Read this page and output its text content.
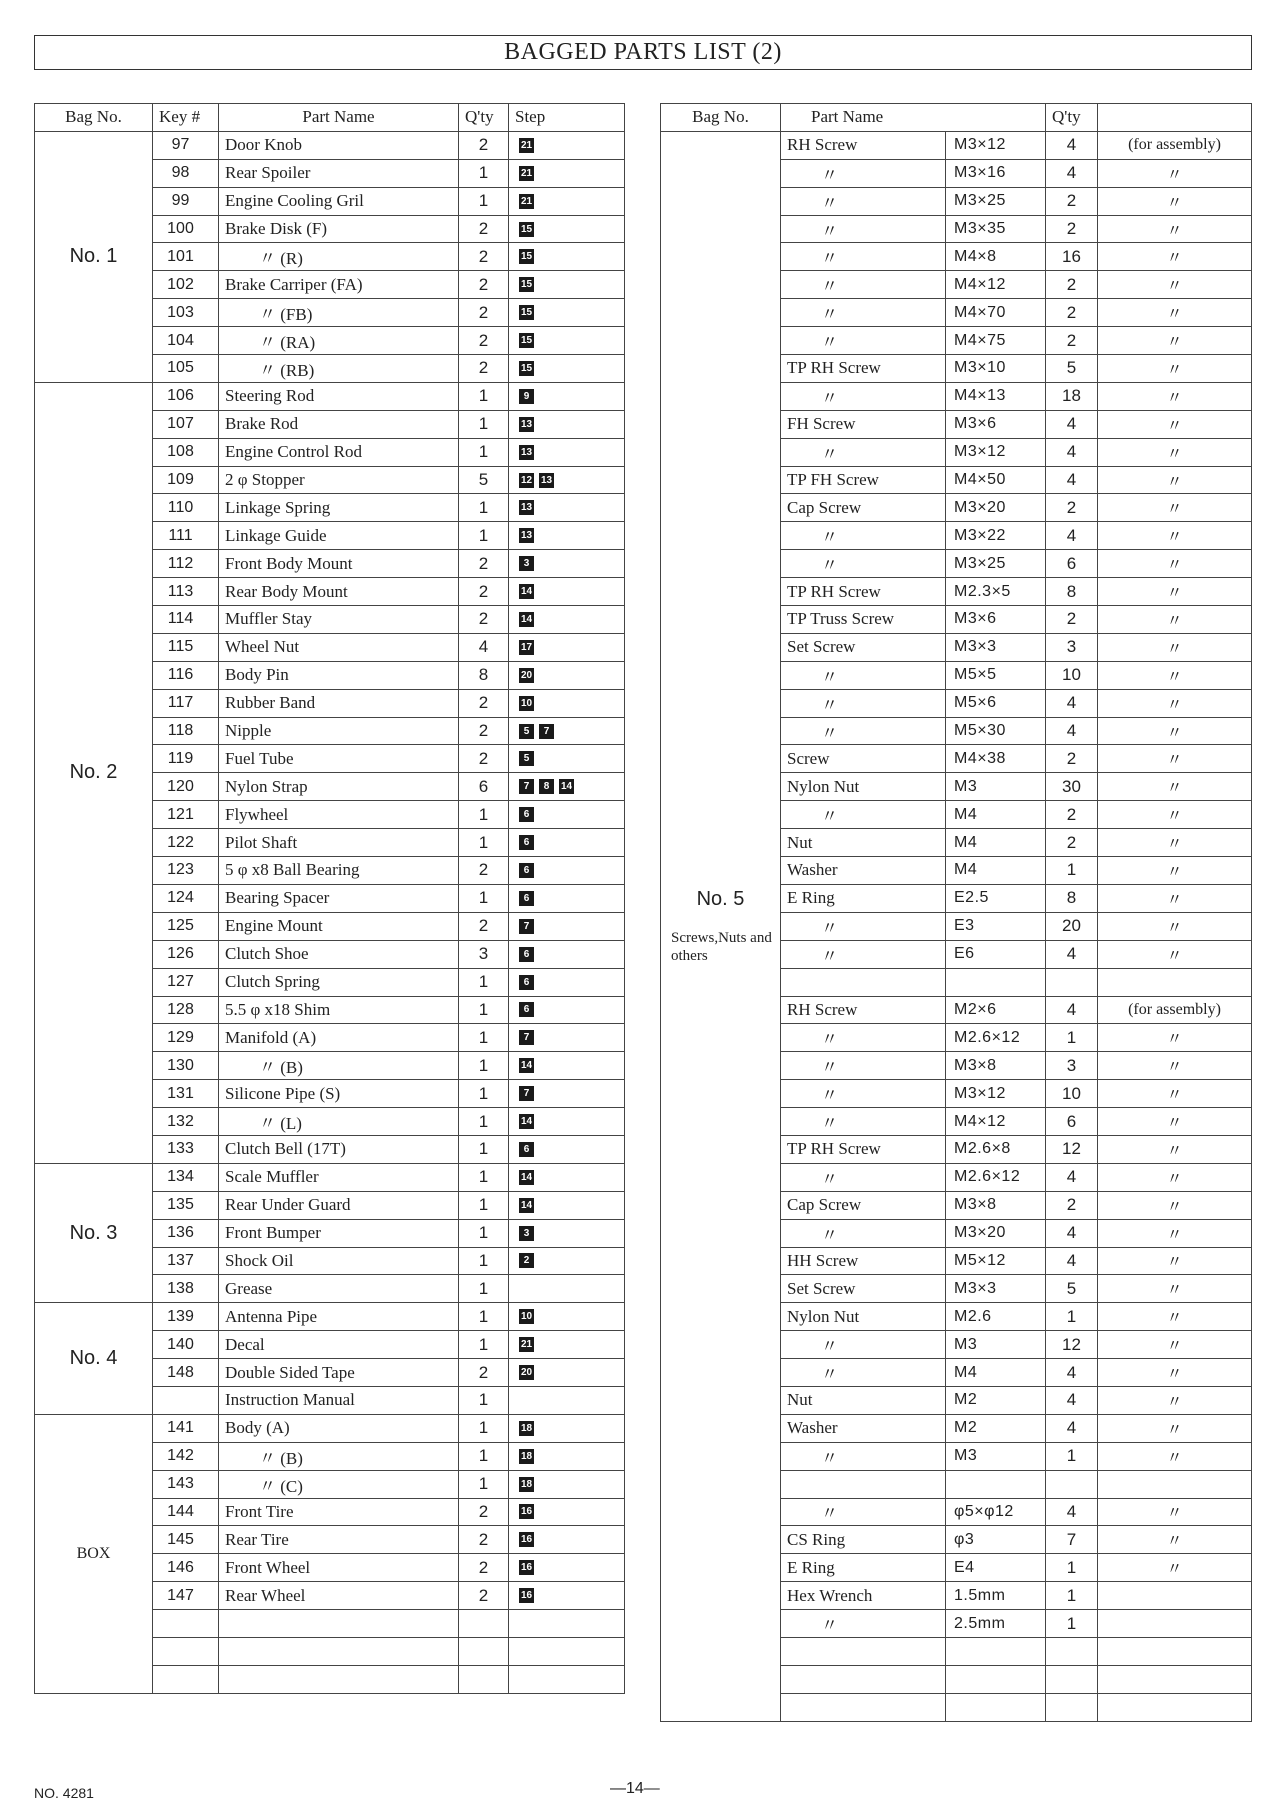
BAGGED PARTS LIST (2)
Bag No.	Key #	Part Name	Q'ty	Step
No. 1	97	Door Knob	2	21

	98	Rear Spoiler	1	21

	99	Engine Cooling Gril	1	21

	100	Brake Disk (F)	2	15

	101	〃 (R)	2	15

	102	Brake Carriper (FA)	2	15

	103	〃 (FB)	2	15

	104	〃 (RA)	2	15

	105	〃 (RB)	2	15

No. 2	106	Steering Rod	1	9

	107	Brake Rod	1	13

	108	Engine Control Rod	1	13

	109	2 φ Stopper	5	12 13

	110	Linkage Spring	1	13

	111	Linkage Guide	1	13

	112	Front Body Mount	2	3

	113	Rear Body Mount	2	14

	114	Muffler Stay	2	14

	115	Wheel Nut	4	17

	116	Body Pin	8	20

	117	Rubber Band	2	10

	118	Nipple	2	5 7

	119	Fuel Tube	2	5

	120	Nylon Strap	6	7 8 14

	121	Flywheel	1	6

	122	Pilot Shaft	1	6

	123	5 φ x8 Ball Bearing	2	6

	124	Bearing Spacer	1	6

	125	Engine Mount	2	7

	126	Clutch Shoe	3	6

	127	Clutch Spring	1	6

	128	5.5 φ x18 Shim	1	6

	129	Manifold (A)	1	7

	130	〃 (B)	1	14

	131	Silicone Pipe (S)	1	7

	132	〃 (L)	1	14

	133	Clutch Bell (17T)	1	6

No. 3	134	Scale Muffler	1	14

	135	Rear Under Guard	1	14

	136	Front Bumper	1	3

	137	Shock Oil	1	2

	138	Grease	1	

No. 4	139	Antenna Pipe	1	10

	140	Decal	1	21

	148	Double Sided Tape	2	20

		Instruction Manual	1	

BOX	141	Body (A)	1	18

	142	〃 (B)	1	18

	143	〃 (C)	1	18

	144	Front Tire	2	16

	145	Rear Tire	2	16

	146	Front Wheel	2	16

	147	Rear Wheel	2	16

Bag No.	Part Name		Q'ty	

No. 5
Screws,Nuts and others	RH Screw	M3×12	4	(for assembly)
	〃	M3×16	4	〃
	〃	M3×25	2	〃
	〃	M3×35	2	〃
	〃	M4×8	16	〃
	〃	M4×12	2	〃
	〃	M4×70	2	〃
	〃	M4×75	2	〃
	TP RH Screw	M3×10	5	〃
	〃	M4×13	18	〃
	FH Screw	M3×6	4	〃
	〃	M3×12	4	〃
	TP FH Screw	M4×50	4	〃
	Cap Screw	M3×20	2	〃
	〃	M3×22	4	〃
	〃	M3×25	6	〃
	TP RH Screw	M2.3×5	8	〃
	TP Truss Screw	M3×6	2	〃
	Set Screw	M3×3	3	〃
	〃	M5×5	10	〃
	〃	M5×6	4	〃
	〃	M5×30	4	〃
	Screw	M4×38	2	〃
	Nylon Nut	M3	30	〃
	〃	M4	2	〃
	Nut	M4	2	〃
	Washer	M4	1	〃
	E Ring	E2.5	8	〃
	〃	E3	20	〃
	〃	E6	4	〃

	RH Screw	M2×6	4	(for assembly)
	〃	M2.6×12	1	〃
	〃	M3×8	3	〃
	〃	M3×12	10	〃
	〃	M4×12	6	〃
	TP RH Screw	M2.6×8	12	〃
	〃	M2.6×12	4	〃
	Cap Screw	M3×8	2	〃
	〃	M3×20	4	〃
	HH Screw	M5×12	4	〃
	Set Screw	M3×3	5	〃
	Nylon Nut	M2.6	1	〃
	〃	M3	12	〃
	〃	M4	4	〃
	Nut	M2	4	〃
	Washer	M2	4	〃
	〃	M3	1	〃

	〃	φ5×φ12	4	〃
	CS Ring	φ3	7	〃
	E Ring	E4	1	〃
	Hex Wrench	1.5mm	1	
	〃	2.5mm	1	

NO. 4281	—14—
